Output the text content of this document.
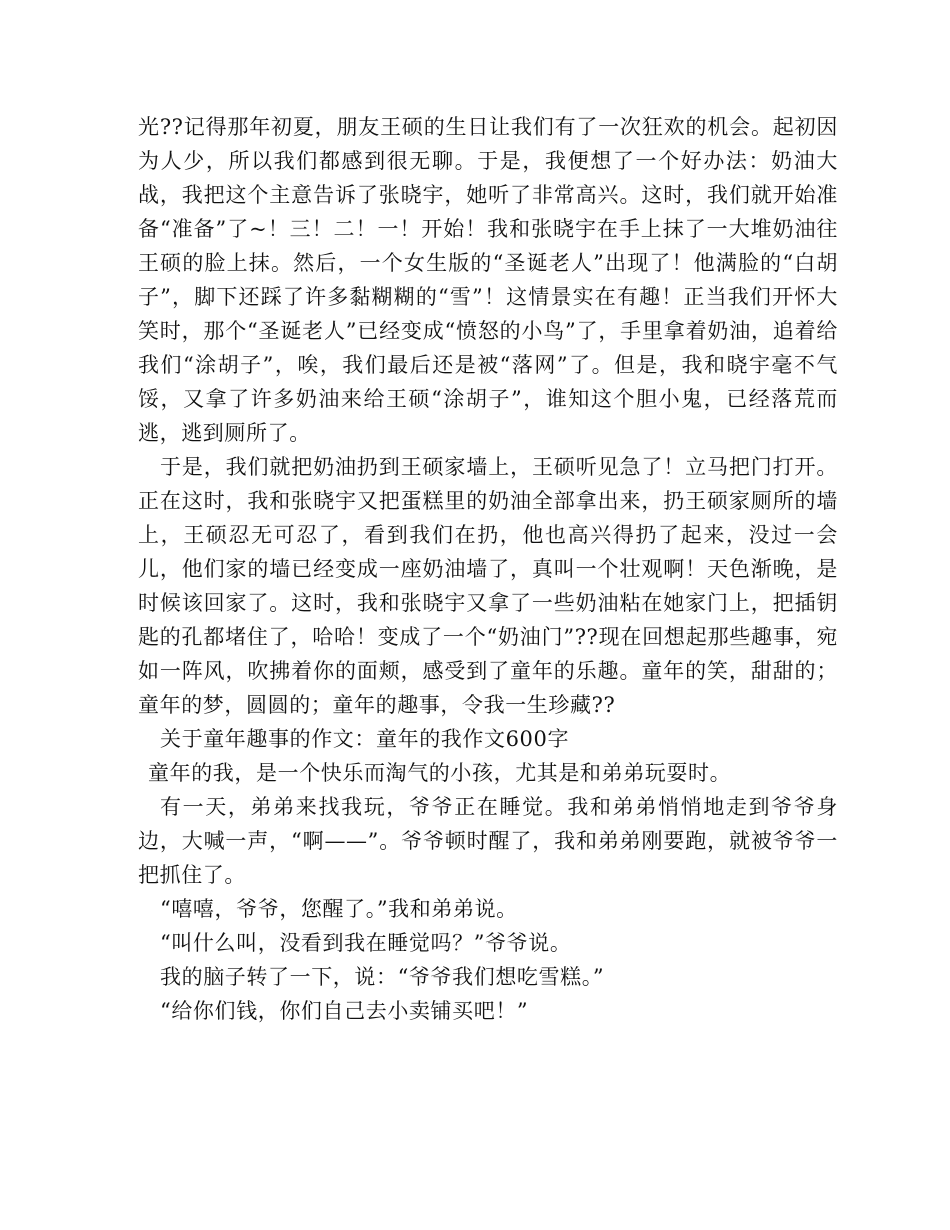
光??记得那年初夏，朋友王硕的生日让我们有了一次狂欢的机会。起初因为人少，所以我们都感到很无聊。于是，我便想了一个好办法：奶油大战，我把这个主意告诉了张晓宇，她听了非常高兴。这时，我们就开始准备“准备”了~！三！二！一！开始！我和张晓宇在手上抹了一大堆奶油往王硕的脸上抹。然后，一个女生版的“圣诞老人”出现了！他满脸的“白胡子”，脚下还踩了许多黏糊糊的“雪”！这情景实在有趣！正当我们开怀大笑时，那个“圣诞老人”已经变成“愤怒的小鸟”了，手里拿着奶油，追着给我们“涂胡子”，唉，我们最后还是被“落网”了。但是，我和晓宇毫不气馁，又拿了许多奶油来给王硕“涂胡子”，谁知这个胆小鬼，已经落荒而逃，逃到厕所了。

于是，我们就把奶油扔到王硕家墙上，王硕听见急了！立马把门打开。正在这时，我和张晓宇又把蛋糕里的奶油全部拿出来，扔王硕家厕所的墙上，王硕忍无可忍了，看到我们在扔，他也高兴得扔了起来，没过一会儿，他们家的墙已经变成一座奶油墙了，真叫一个壮观啊！天色渐晚，是时候该回家了。这时，我和张晓宇又拿了一些奶油粘在她家门上，把插钥匙的孔都堵住了，哈哈！变成了一个“奶油门”??现在回想起那些趣事，宛如一阵风，吹拂着你的面颊，感受到了童年的乐趣。童年的笑，甜甜的；童年的梦，圆圆的；童年的趣事，令我一生珍藏??

关于童年趣事的作文：童年的我作文600字

童年的我，是一个快乐而淘气的小孩，尤其是和弟弟玩耍时。

有一天，弟弟来找我玩，爷爷正在睡觉。我和弟弟悄悄地走到爷爷身边，大喊一声，“啊——”。爷爷顿时醒了，我和弟弟刚要跑，就被爷爷一把抓住了。

“嘻嘻，爷爷，您醒了。”我和弟弟说。

“叫什么叫，没看到我在睡觉吗？”爷爷说。

我的脑子转了一下，说：“爷爷我们想吃雪糕。”

“给你们钱，你们自己去小卖铺买吧！”
